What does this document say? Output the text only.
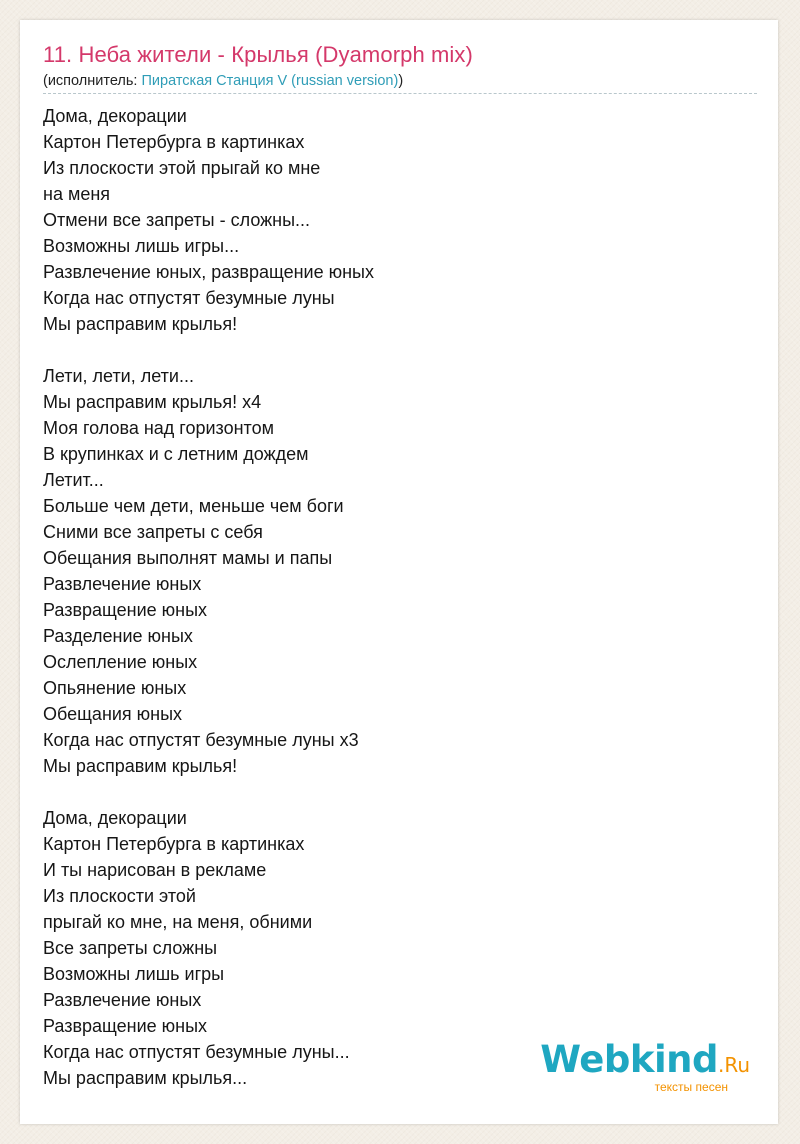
11. Неба жители - Крылья (Dyamorph mix)
(исполнитель: Пиратская Станция V (russian version))
Дома, декорации
Картон Петербурга в картинках
Из плоскости этой прыгай ко мне
на меня
Отмени все запреты - сложны...
Возможны лишь игры...
Развлечение юных, развращение юных
Когда нас отпустят безумные луны
Мы расправим крылья!
Лети, лети, лети...
Мы расправим крылья! x4
Моя голова над горизонтом
В крупинках и с летним дождем
Летит...
Больше чем дети, меньше чем боги
Сними все запреты с себя
Обещания выполнят мамы и папы
Развлечение юных
Развращение юных
Разделение юных
Ослепление юных
Опьянение юных
Обещания юных
Когда нас отпустят безумные луны x3
Мы расправим крылья!
Дома, декорации
Картон Петербурга в картинках
И ты нарисован в рекламе
Из плоскости этой
прыгай ко мне, на меня, обними
Все запреты сложны
Возможны лишь игры
Развлечение юных
Развращение юных
Когда нас отпустят безумные луны...
Мы расправим крылья...	Webkind.Ru
тексты песен
